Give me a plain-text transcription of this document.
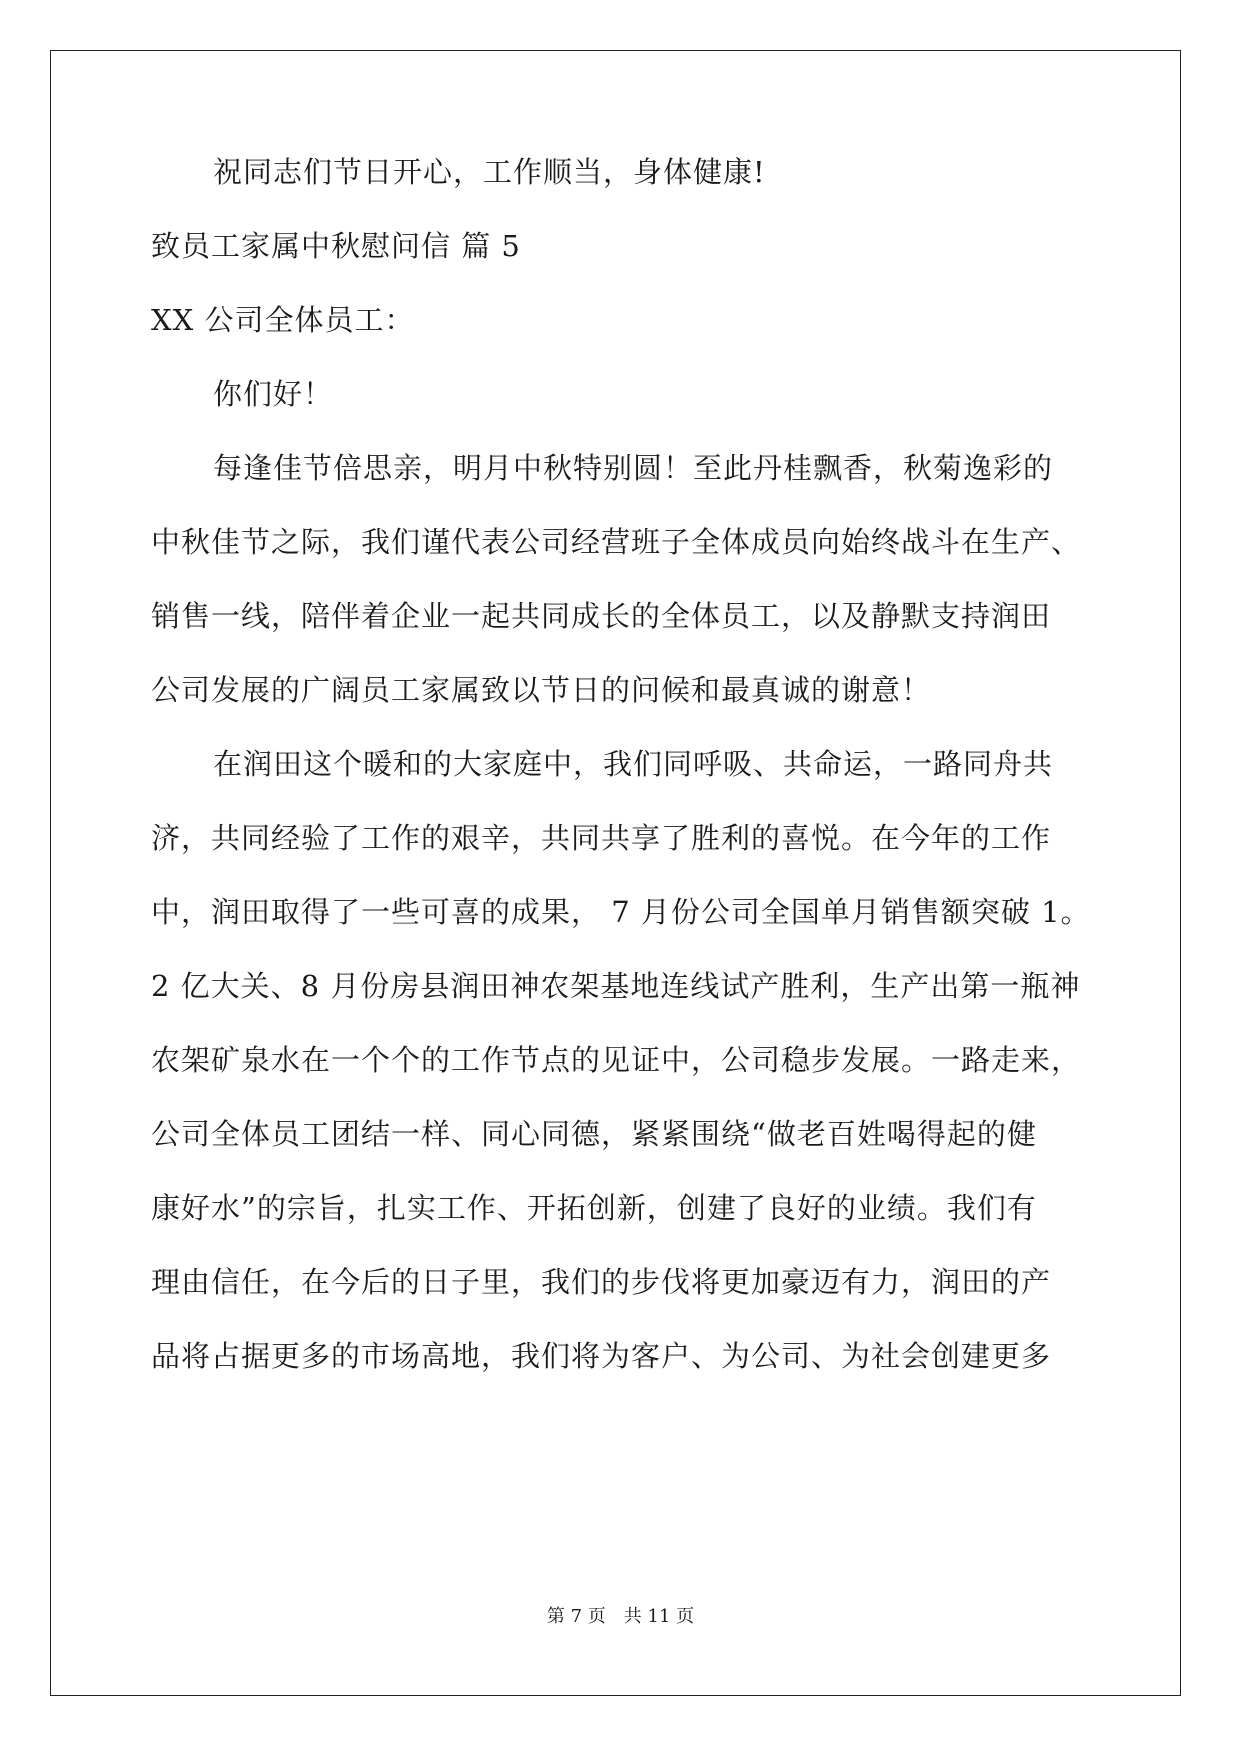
祝同志们节日开心，工作顺当，身体健康!
致员工家属中秋慰问信 篇 5
XX 公司全体员工：
你们好！
每逢佳节倍思亲，明月中秋特别圆！至此丹桂飘香，秋菊逸彩的
中秋佳节之际，我们谨代表公司经营班子全体成员向始终战斗在生产、
销售一线，陪伴着企业一起共同成长的全体员工，以及静默支持润田
公司发展的广阔员工家属致以节日的问候和最真诚的谢意！
在润田这个暖和的大家庭中，我们同呼吸、共命运，一路同舟共
济，共同经验了工作的艰辛，共同共享了胜利的喜悦。在今年的工作
中，润田取得了一些可喜的成果， 7 月份公司全国单月销售额突破 1。
2 亿大关、8 月份房县润田神农架基地连线试产胜利，生产出第一瓶神
农架矿泉水在一个个的工作节点的见证中，公司稳步发展。一路走来，
公司全体员工团结一样、同心同德，紧紧围绕“做老百姓喝得起的健
康好水”的宗旨，扎实工作、开拓创新，创建了良好的业绩。我们有
理由信任，在今后的日子里，我们的步伐将更加豪迈有力，润田的产
品将占据更多的市场高地，我们将为客户、为公司、为社会创建更多
第 7 页　共 11 页
